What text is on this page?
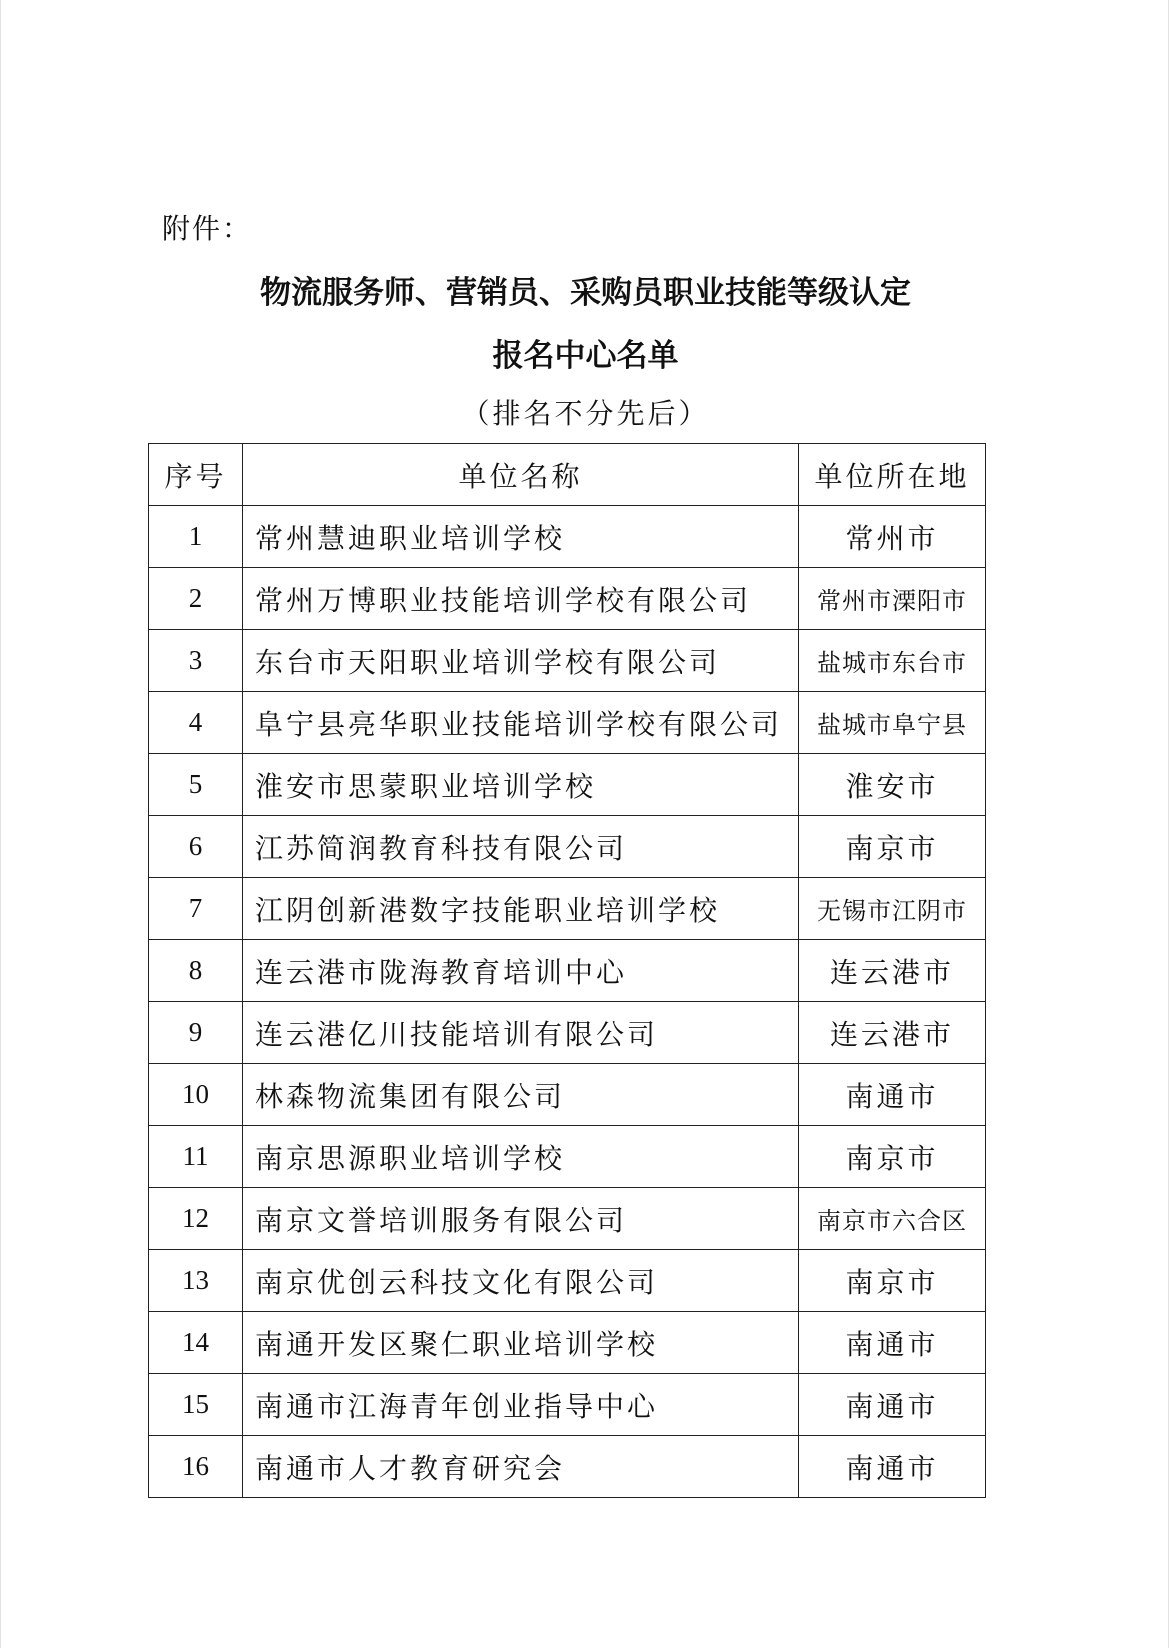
附件：
物流服务师、营销员、采购员职业技能等级认定
报名中心名单
（排名不分先后）
序号	单位名称	单位所在地
1	常州慧迪职业培训学校	常州市
2	常州万博职业技能培训学校有限公司	常州市溧阳市
3	东台市天阳职业培训学校有限公司	盐城市东台市
4	阜宁县亮华职业技能培训学校有限公司	盐城市阜宁县
5	淮安市思蒙职业培训学校	淮安市
6	江苏简润教育科技有限公司	南京市
7	江阴创新港数字技能职业培训学校	无锡市江阴市
8	连云港市陇海教育培训中心	连云港市
9	连云港亿川技能培训有限公司	连云港市
10	林森物流集团有限公司	南通市
11	南京思源职业培训学校	南京市
12	南京文誉培训服务有限公司	南京市六合区
13	南京优创云科技文化有限公司	南京市
14	南通开发区聚仁职业培训学校	南通市
15	南通市江海青年创业指导中心	南通市
16	南通市人才教育研究会	南通市
